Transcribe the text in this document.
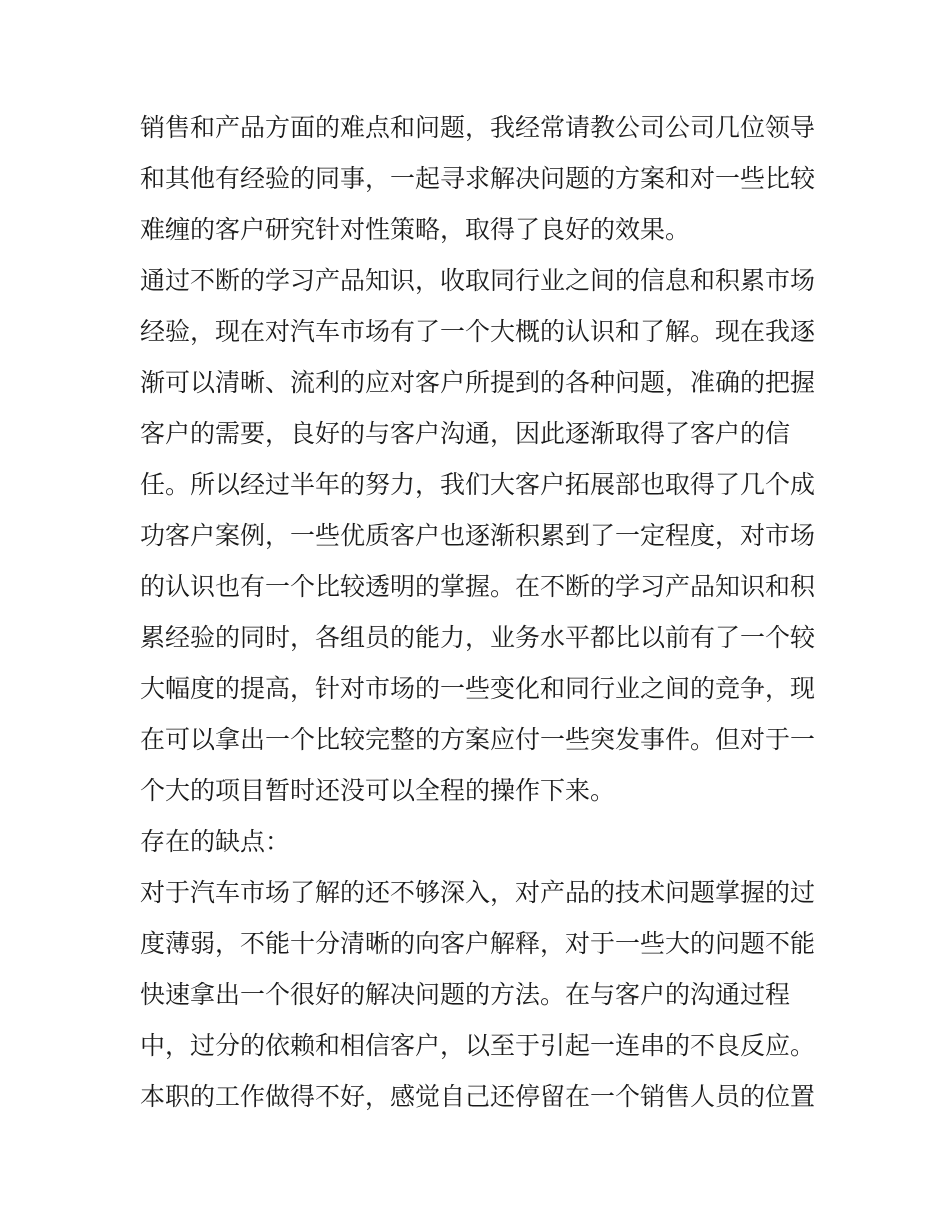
销售和产品方面的难点和问题，我经常请教公司公司几位领导
和其他有经验的同事，一起寻求解决问题的方案和对一些比较
难缠的客户研究针对性策略，取得了良好的效果。
通过不断的学习产品知识，收取同行业之间的信息和积累市场
经验，现在对汽车市场有了一个大概的认识和了解。现在我逐
渐可以清晰、流利的应对客户所提到的各种问题，准确的把握
客户的需要，良好的与客户沟通，因此逐渐取得了客户的信
任。所以经过半年的努力，我们大客户拓展部也取得了几个成
功客户案例，一些优质客户也逐渐积累到了一定程度，对市场
的认识也有一个比较透明的掌握。在不断的学习产品知识和积
累经验的同时，各组员的能力，业务水平都比以前有了一个较
大幅度的提高，针对市场的一些变化和同行业之间的竞争，现
在可以拿出一个比较完整的方案应付一些突发事件。但对于一
个大的项目暂时还没可以全程的操作下来。
存在的缺点：
对于汽车市场了解的还不够深入，对产品的技术问题掌握的过
度薄弱，不能十分清晰的向客户解释，对于一些大的问题不能
快速拿出一个很好的解决问题的方法。在与客户的沟通过程
中，过分的依赖和相信客户，以至于引起一连串的不良反应。
本职的工作做得不好，感觉自己还停留在一个销售人员的位置
